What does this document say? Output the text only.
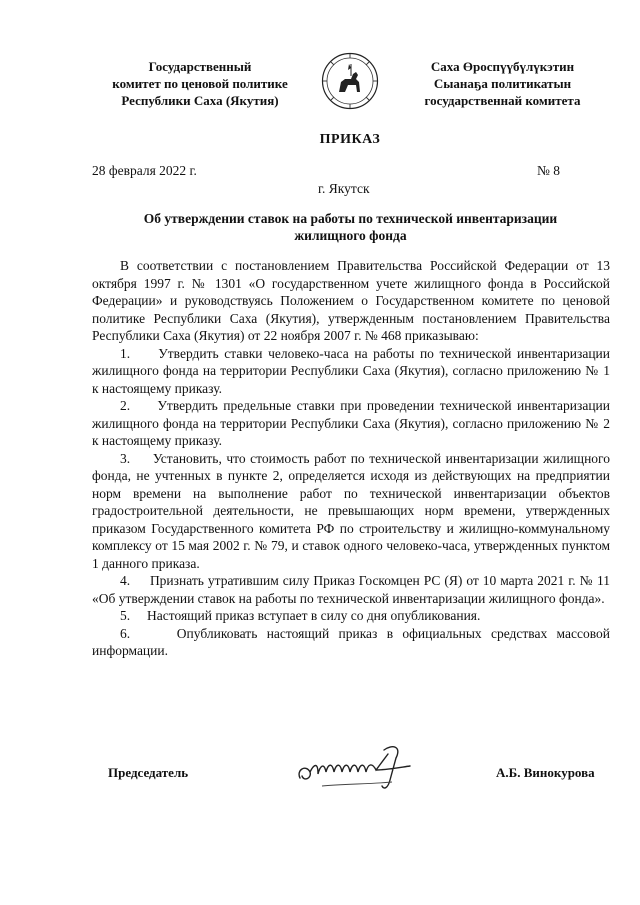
Государственный
комитет по ценовой политике
Республики Саха (Якутия)
Саха Өроспүүбүлүкэтин
Сыанаҕа политикатын
государственнай комитета
ПРИКАЗ
28 февраля 2022 г.	№ 8
г. Якутск
Об утверждении ставок на работы по технической инвентаризации жилищного фонда

В соответствии с постановлением Правительства Российской Федерации от 13 октября 1997 г. № 1301 «О государственном учете жилищного фонда в Российской Федерации» и руководствуясь Положением о Государственном комитете по ценовой политике Республики Саха (Якутия), утвержденным постановлением Правительства Республики Саха (Якутия) от 22 ноября 2007 г. № 468 приказываю:

1. Утвердить ставки человеко-часа на работы по технической инвентаризации жилищного фонда на территории Республики Саха (Якутия), согласно приложению № 1 к настоящему приказу.

2. Утвердить предельные ставки при проведении технической инвентаризации жилищного фонда на территории Республики Саха (Якутия), согласно приложению № 2 к настоящему приказу.

3. Установить, что стоимость работ по технической инвентаризации жилищного фонда, не учтенных в пункте 2, определяется исходя из действующих на предприятии норм времени на выполнение работ по технической инвентаризации объектов градостроительной деятельности, не превышающих норм времени, утвержденных приказом Государственного комитета РФ по строительству и жилищно-коммунальному комплексу от 15 мая 2002 г. № 79, и ставок одного человеко-часа, утвержденных пунктом 1 данного приказа.

4. Признать утратившим силу Приказ Госкомцен РС (Я) от 10 марта 2021 г. № 11 «Об утверждении ставок на работы по технической инвентаризации жилищного фонда».

5. Настоящий приказ вступает в силу со дня опубликования.

6.	Опубликовать настоящий приказ в официальных средствах массовой информации.

Председатель	А.Б. Винокурова
